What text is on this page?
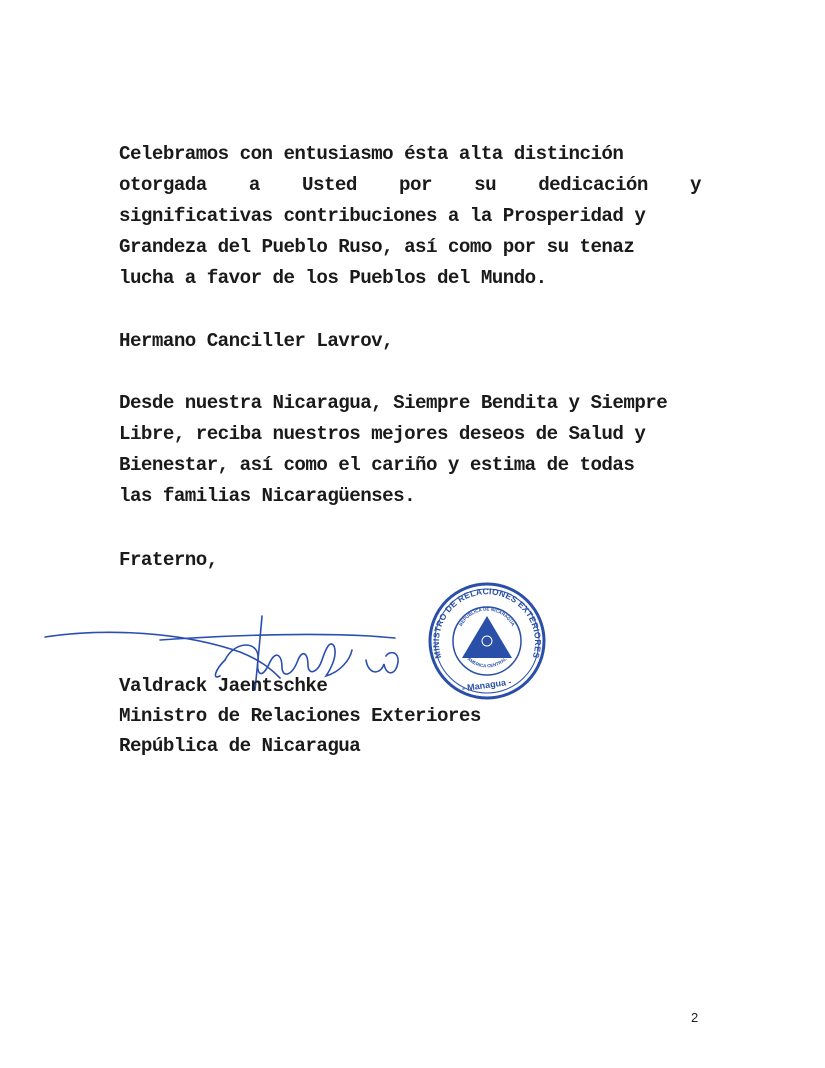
Celebramos con entusiasmo ésta alta distinción
otorgada a Usted por su dedicación y
significativas contribuciones a la Prosperidad y
Grandeza del Pueblo Ruso, así como por su tenaz
lucha a favor de los Pueblos del Mundo.
Hermano Canciller Lavrov,
Desde nuestra Nicaragua, Siempre Bendita y Siempre
Libre, reciba nuestros mejores deseos de Salud y
Bienestar, así como el cariño y estima de todas
las familias Nicaragüenses.
Fraterno,
MINISTRO DE RELACIONES EXTERIORES
REPUBLICA DE NICARAGUA
AMERICA CENTRAL
- Managua -
Valdrack Jaentschke
Ministro de Relaciones Exteriores
República de Nicaragua
2
